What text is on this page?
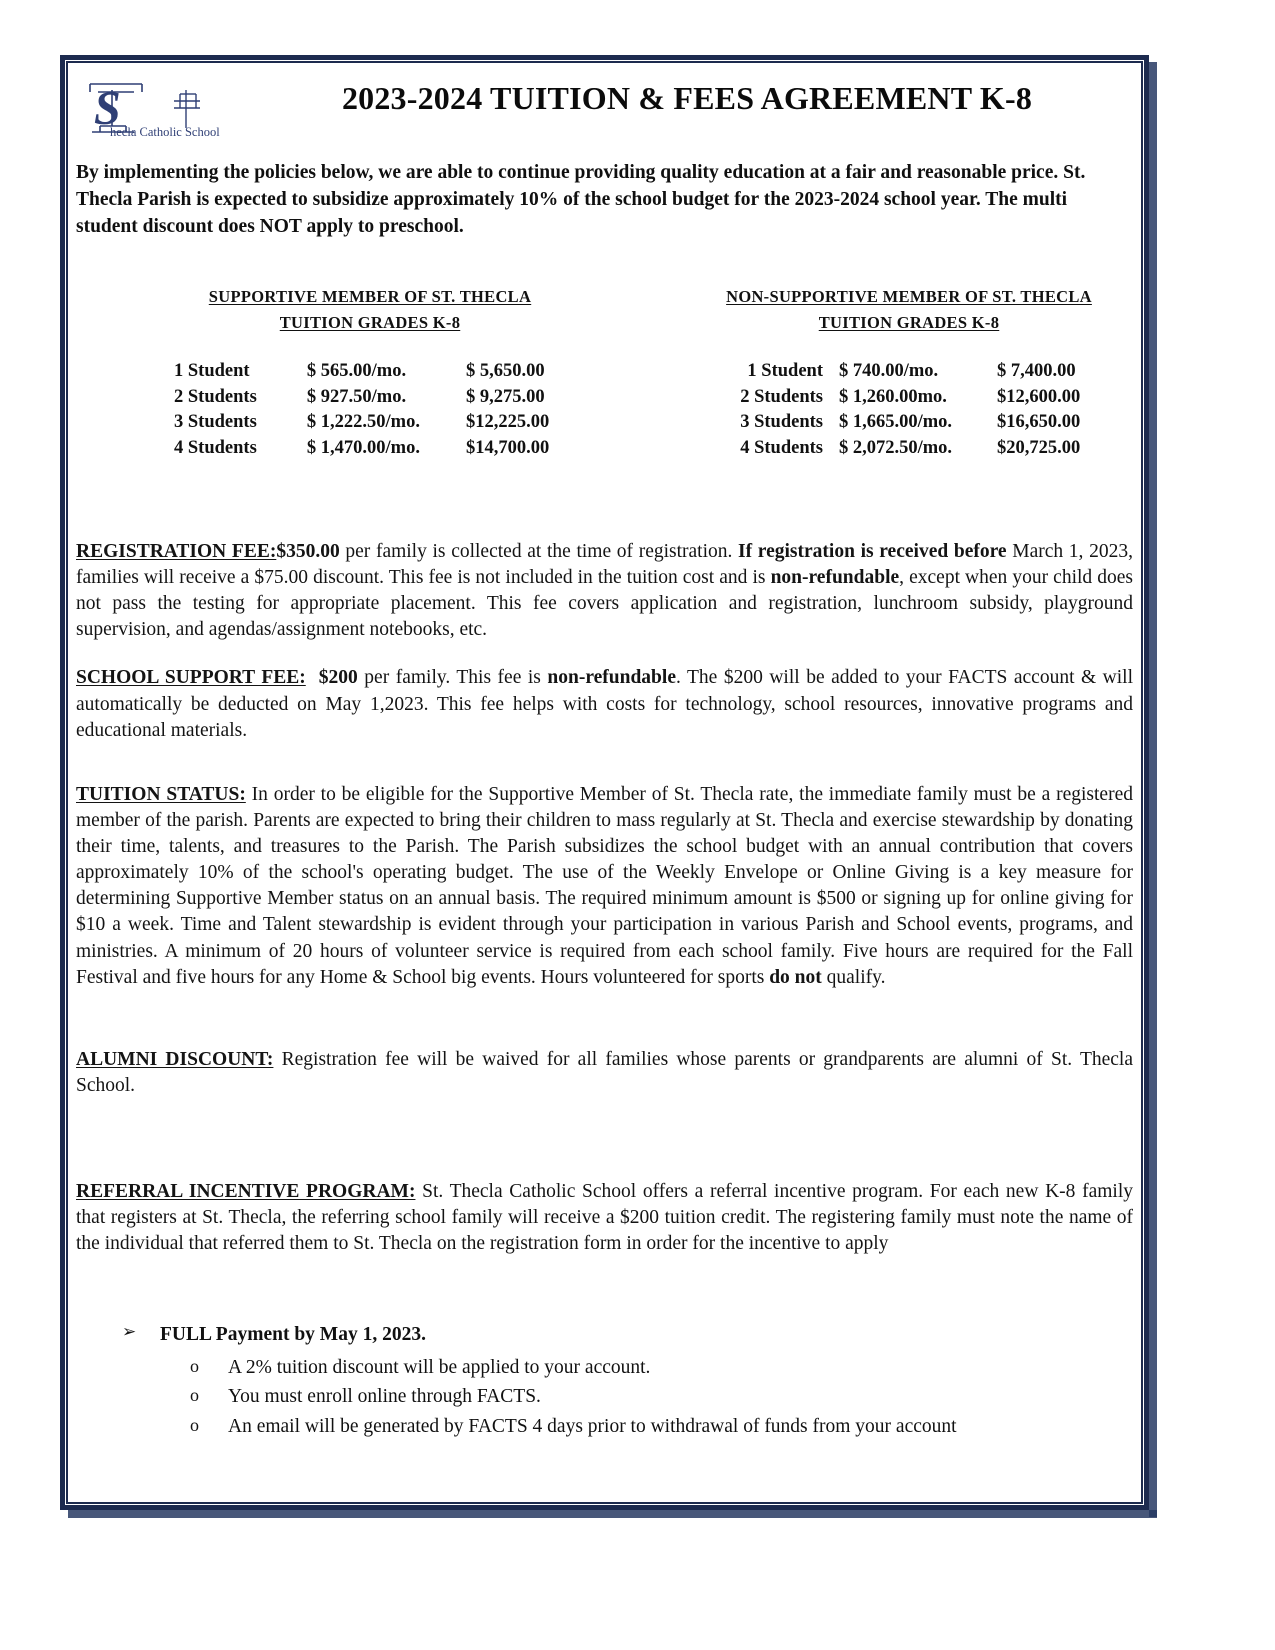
S
hecla Catholic School
2023-2024 TUITION & FEES AGREEMENT K-8
By implementing the policies below, we are able to continue providing quality education at a fair and reasonable price. St. Thecla Parish is expected to subsidize approximately 10% of the school budget for the 2023-2024 school year. The multi student discount does NOT apply to preschool.
SUPPORTIVE MEMBER OF ST. THECLA
TUITION GRADES K-8
1 Student	$ 565.00/mo.	$ 5,650.00
2 Students	$ 927.50/mo.	$ 9,275.00
3 Students	$ 1,222.50/mo.	$12,225.00
4 Students	$ 1,470.00/mo.	$14,700.00
NON-SUPPORTIVE MEMBER OF ST. THECLA
TUITION GRADES K-8
1 Student	$ 740.00/mo.	$ 7,400.00
2 Students	$ 1,260.00mo.	$12,600.00
3 Students	$ 1,665.00/mo.	$16,650.00
4 Students	$ 2,072.50/mo.	$20,725.00

REGISTRATION FEE:$350.00 per family is collected at the time of registration. If registration is received before March 1, 2023, families will receive a $75.00 discount. This fee is not included in the tuition cost and is non-refundable, except when your child does not pass the testing for appropriate placement. This fee covers application and registration, lunchroom subsidy, playground supervision, and agendas/assignment notebooks, etc.

SCHOOL SUPPORT FEE: $200 per family. This fee is non-refundable. The $200 will be added to your FACTS account & will automatically be deducted on May 1,2023. This fee helps with costs for technology, school resources, innovative programs and educational materials.

TUITION STATUS: In order to be eligible for the Supportive Member of St. Thecla rate, the immediate family must be a registered member of the parish. Parents are expected to bring their children to mass regularly at St. Thecla and exercise stewardship by donating their time, talents, and treasures to the Parish. The Parish subsidizes the school budget with an annual contribution that covers approximately 10% of the school's operating budget. The use of the Weekly Envelope or Online Giving is a key measure for determining Supportive Member status on an annual basis. The required minimum amount is $500 or signing up for online giving for $10 a week. Time and Talent stewardship is evident through your participation in various Parish and School events, programs, and ministries. A minimum of 20 hours of volunteer service is required from each school family. Five hours are required for the Fall Festival and five hours for any Home & School big events. Hours volunteered for sports do not qualify.

ALUMNI DISCOUNT: Registration fee will be waived for all families whose parents or grandparents are alumni of St. Thecla School.

REFERRAL INCENTIVE PROGRAM: St. Thecla Catholic School offers a referral incentive program. For each new K-8 family that registers at St. Thecla, the referring school family will receive a $200 tuition credit. The registering family must note the name of the individual that referred them to St. Thecla on the registration form in order for the incentive to apply

➢	FULL Payment by May 1, 2023.
o	A 2% tuition discount will be applied to your account.
o	You must enroll online through FACTS.
o	An email will be generated by FACTS 4 days prior to withdrawal of funds from your account
